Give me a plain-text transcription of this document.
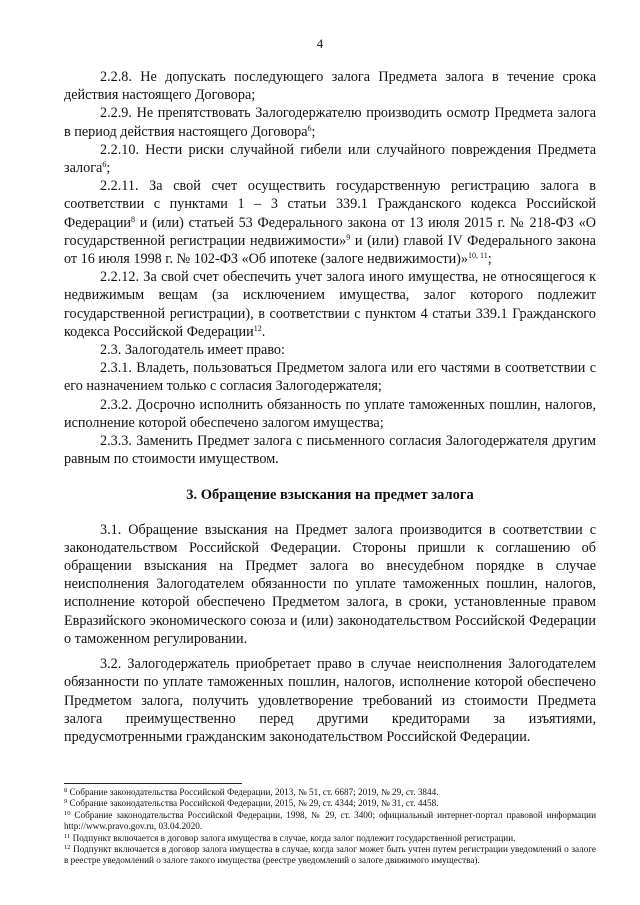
4

2.2.8. Не допускать последующего залога Предмета залога в течение срока действия настоящего Договора;

2.2.9. Не препятствовать Залогодержателю производить осмотр Предмета залога в период действия настоящего Договора$^6$;

2.2.10. Нести риски случайной гибели или случайного повреждения Предмета залога$^6$;

2.2.11. За свой счет осуществить государственную регистрацию залога в соответствии с пунктами 1 – 3 статьи 339.1 Гражданского кодекса Российской Федерации$^8$ и (или) статьей 53 Федерального закона от 13 июля 2015 г. № 218-ФЗ «О государственной регистрации недвижимости»$^9$ и (или) главой IV Федерального закона от 16 июля 1998 г. № 102-ФЗ «Об ипотеке (залоге недвижимости)»$^{10, 11}$;

2.2.12. За свой счет обеспечить учет залога иного имущества, не относящегося к недвижимым вещам (за исключением имущества, залог которого подлежит государственной регистрации), в соответствии с пунктом 4 статьи 339.1 Гражданского кодекса Российской Федерации$^{12}$.

2.3. Залогодатель имеет право:

2.3.1. Владеть, пользоваться Предметом залога или его частями в соответствии с его назначением только с согласия Залогодержателя;

2.3.2. Досрочно исполнить обязанность по уплате таможенных пошлин, налогов, исполнение которой обеспечено залогом имущества;

2.3.3. Заменить Предмет залога с письменного согласия Залогодержателя другим равным по стоимости имуществом.

3. Обращение взыскания на предмет залога

3.1. Обращение взыскания на Предмет залога производится в соответствии с законодательством Российской Федерации. Стороны пришли к соглашению об обращении взыскания на Предмет залога во внесудебном порядке в случае неисполнения Залогодателем обязанности по уплате таможенных пошлин, налогов, исполнение которой обеспечено Предметом залога, в сроки, установленные правом Евразийского экономического союза и (или) законодательством Российской Федерации о таможенном регулировании.

3.2. Залогодержатель приобретает право в случае неисполнения Залогодателем обязанности по уплате таможенных пошлин, налогов, исполнение которой обеспечено Предметом залога, получить удовлетворение требований из стоимости Предмета залога преимущественно перед другими кредиторами за изъятиями, предусмотренными гражданским законодательством Российской Федерации.

$^8$ Собрание законодательства Российской Федерации, 2013, № 51, ст. 6687; 2019, № 29, ст. 3844.

$^9$ Собрание законодательства Российской Федерации, 2015, № 29, ст. 4344; 2019, № 31, ст. 4458.

$^{10}$ Собрание законодательства Российской Федерации, 1998, № 29, ст. 3400; официальный интернет-портал правовой информации http://www.pravo.gov.ru, 03.04.2020.

$^{11}$ Подпункт включается в договор залога имущества в случае, когда залог подлежит государственной регистрации.

$^{12}$ Подпункт включается в договор залога имущества в случае, когда залог может быть учтен путем регистрации уведомлений о залоге в реестре уведомлений о залоге такого имущества (реестре уведомлений о залоге движимого имущества).
